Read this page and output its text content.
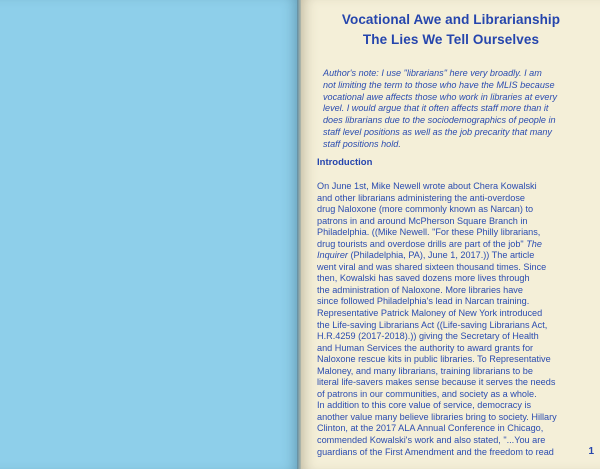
Vocational Awe and Librarianship
The Lies We Tell Ourselves
Author's note: I use "librarians" here very broadly. I am
not limiting the term to those who have the MLIS because
vocational awe affects those who work in libraries at every
level. I would argue that it often affects staff more than it
does librarians due to the sociodemographics of people in
staff level positions as well as the job precarity that many
staff positions hold.
Introduction
On June 1st, Mike Newell wrote about Chera Kowalski
and other librarians administering the anti-overdose
drug Naloxone (more commonly known as Narcan) to
patrons in and around McPherson Square Branch in
Philadelphia. ((Mike Newell. "For these Philly librarians,
drug tourists and overdose drills are part of the job" The
Inquirer (Philadelphia, PA), June 1, 2017.)) The article
went viral and was shared sixteen thousand times. Since
then, Kowalski has saved dozens more lives through
the administration of Naloxone. More libraries have
since followed Philadelphia's lead in Narcan training.
Representative Patrick Maloney of New York introduced
the Life-saving Librarians Act ((Life-saving Librarians Act,
H.R.4259 (2017-2018).)) giving the Secretary of Health
and Human Services the authority to award grants for
Naloxone rescue kits in public libraries. To Representative
Maloney, and many librarians, training librarians to be
literal life-savers makes sense because it serves the needs
of patrons in our communities, and society as a whole.
In addition to this core value of service, democracy is
another value many believe libraries bring to society. Hillary
Clinton, at the 2017 ALA Annual Conference in Chicago,
commended Kowalski's work and also stated, "...You are
guardians of the First Amendment and the freedom to read	1
